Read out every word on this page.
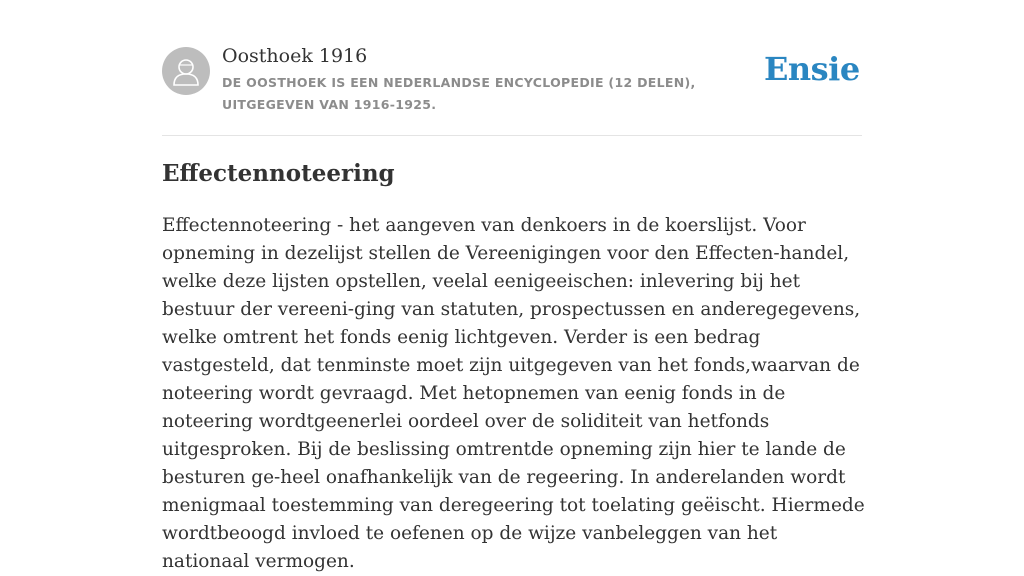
Oosthoek 1916
DE OOSTHOEK IS EEN NEDERLANDSE ENCYCLOPEDIE (12 DELEN), UITGEGEVEN VAN 1916-1925.
Ensie
Effectennoteering

Effectennoteering - het aangeven van denkoers in de koerslijst. Voor opneming in dezelijst stellen de Vereenigingen voor den Effecten-handel, welke deze lijsten opstellen, veelal eenigeeischen: inlevering bij het bestuur der vereeni-ging van statuten, prospectussen en anderegegevens, welke omtrent het fonds eenig lichtgeven. Verder is een bedrag vastgesteld, dat tenminste moet zijn uitgegeven van het fonds,waarvan de noteering wordt gevraagd. Met hetopnemen van eenig fonds in de noteering wordtgeenerlei oordeel over de soliditeit van hetfonds uitgesproken. Bij de beslissing omtrentde opneming zijn hier te lande de besturen ge-heel onafhankelijk van de regeering. In anderelanden wordt menigmaal toestemming van deregeering tot toelating geëischt. Hiermede wordtbeoogd invloed te oefenen op de wijze vanbeleggen van het nationaal vermogen.
